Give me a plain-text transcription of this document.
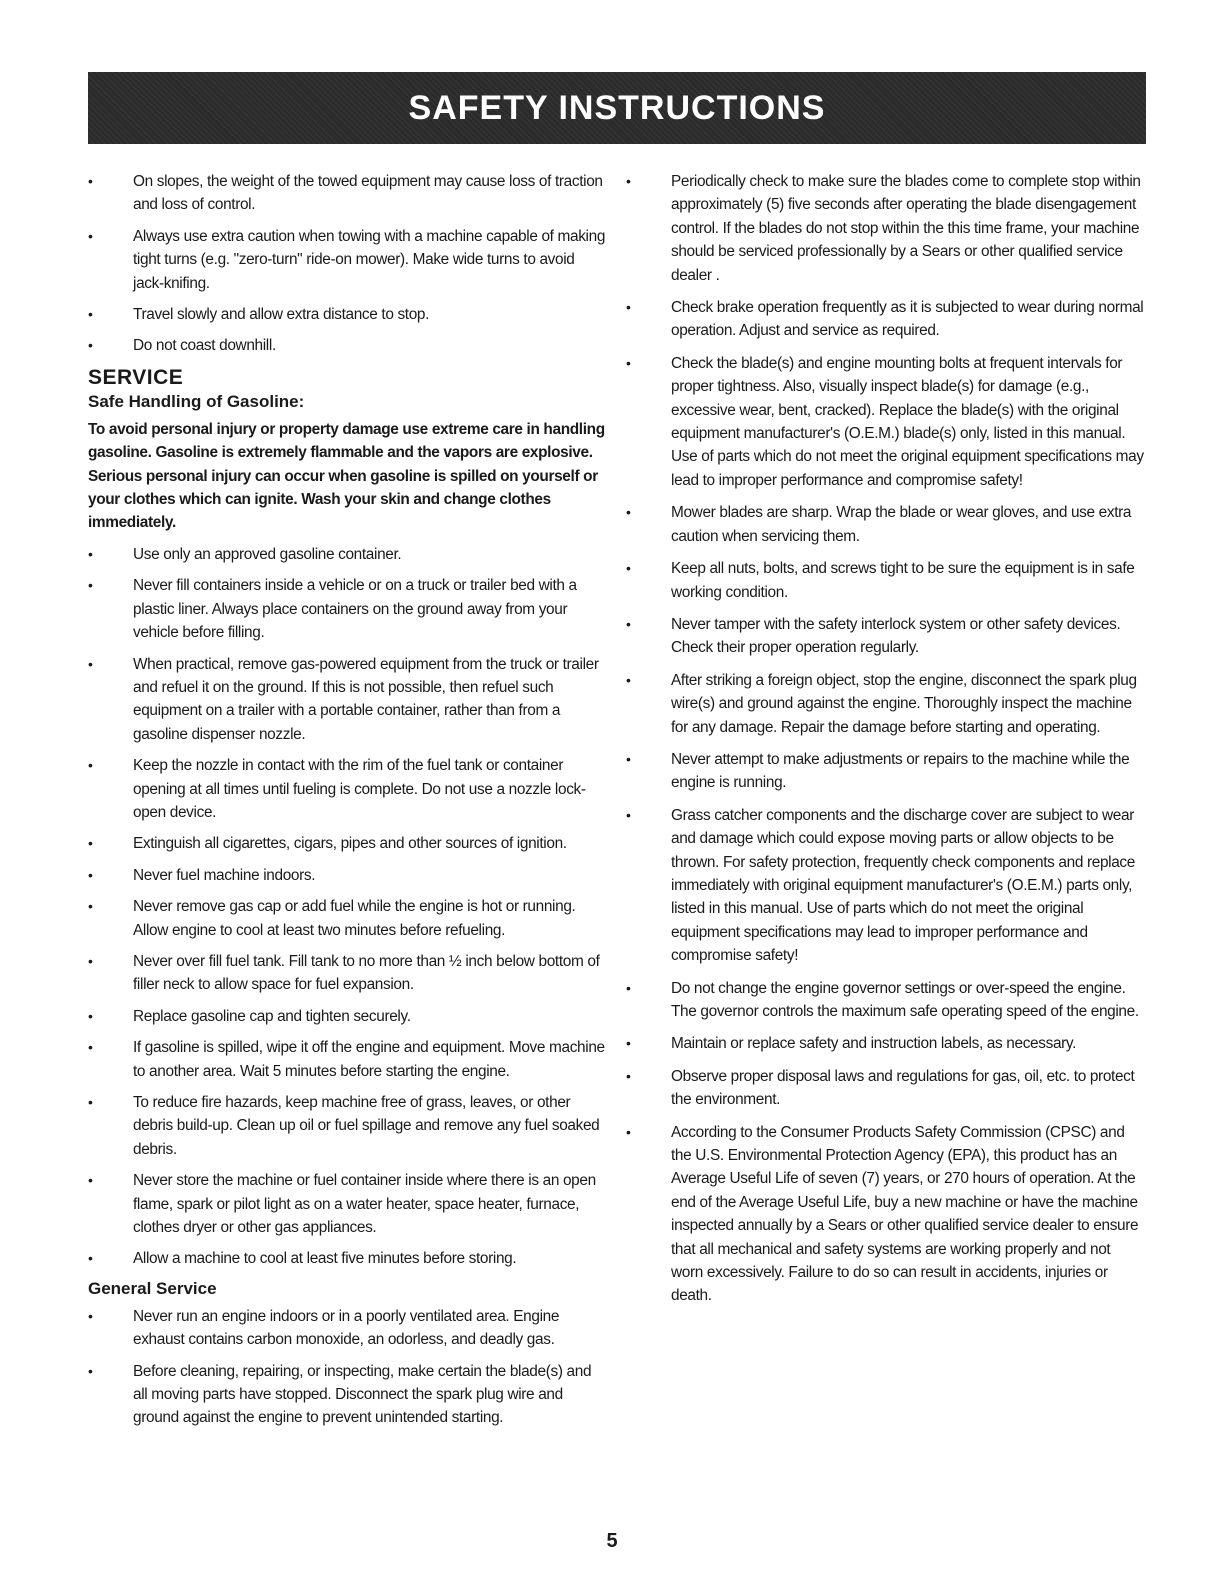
SAFETY INSTRUCTIONS
•	On slopes, the weight of the towed equipment may cause loss of traction and loss of control.
•	Always use extra caution when towing with a machine capable of making tight turns (e.g. "zero-turn" ride-on mower). Make wide turns to avoid jack-knifing.
•	Travel slowly and allow extra distance to stop.
•	Do not coast downhill.
SERVICE
Safe Handling of Gasoline:

To avoid personal injury or property damage use extreme care in handling gasoline. Gasoline is extremely flammable and the vapors are explosive. Serious personal injury can occur when gasoline is spilled on yourself or your clothes which can ignite. Wash your skin and change clothes immediately.

•	Use only an approved gasoline container.
•	Never fill containers inside a vehicle or on a truck or trailer bed with a plastic liner. Always place containers on the ground away from your vehicle before filling.
•	When practical, remove gas-powered equipment from the truck or trailer and refuel it on the ground. If this is not possible, then refuel such equipment on a trailer with a portable container, rather than from a gasoline dispenser nozzle.
•	Keep the nozzle in contact with the rim of the fuel tank or container opening at all times until fueling is complete. Do not use a nozzle lock-open device.
•	Extinguish all cigarettes, cigars, pipes and other sources of ignition.
•	Never fuel machine indoors.
•	Never remove gas cap or add fuel while the engine is hot or running. Allow engine to cool at least two minutes before refueling.
•	Never over fill fuel tank. Fill tank to no more than ½ inch below bottom of filler neck to allow space for fuel expansion.
•	Replace gasoline cap and tighten securely.
•	If gasoline is spilled, wipe it off the engine and equipment. Move machine to another area. Wait 5 minutes before starting the engine.
•	To reduce fire hazards, keep machine free of grass, leaves, or other debris build-up. Clean up oil or fuel spillage and remove any fuel soaked debris.
•	Never store the machine or fuel container inside where there is an open flame, spark or pilot light as on a water heater, space heater, furnace, clothes dryer or other gas appliances.
•	Allow a machine to cool at least five minutes before storing.
General Service
•	Never run an engine indoors or in a poorly ventilated area. Engine exhaust contains carbon monoxide, an odorless, and deadly gas.
•	Before cleaning, repairing, or inspecting, make certain the blade(s) and all moving parts have stopped. Disconnect the spark plug wire and ground against the engine to prevent unintended starting.
•	Periodically check to make sure the blades come to complete stop within approximately (5) five seconds after operating the blade disengagement control. If the blades do not stop within the this time frame, your machine should be serviced professionally by a Sears or other qualified service dealer .
•	Check brake operation frequently as it is subjected to wear during normal operation. Adjust and service as required.
•	Check the blade(s) and engine mounting bolts at frequent intervals for proper tightness. Also, visually inspect blade(s) for damage (e.g., excessive wear, bent, cracked). Replace the blade(s) with the original equipment manufacturer's (O.E.M.) blade(s) only, listed in this manual. Use of parts which do not meet the original equipment specifications may lead to improper performance and compromise safety!
•	Mower blades are sharp. Wrap the blade or wear gloves, and use extra caution when servicing them.
•	Keep all nuts, bolts, and screws tight to be sure the equipment is in safe working condition.
•	Never tamper with the safety interlock system or other safety devices. Check their proper operation regularly.
•	After striking a foreign object, stop the engine, disconnect the spark plug wire(s) and ground against the engine. Thoroughly inspect the machine for any damage. Repair the damage before starting and operating.
•	Never attempt to make adjustments or repairs to the machine while the engine is running.
•	Grass catcher components and the discharge cover are subject to wear and damage which could expose moving parts or allow objects to be thrown. For safety protection, frequently check components and replace immediately with original equipment manufacturer's (O.E.M.) parts only, listed in this manual. Use of parts which do not meet the original equipment specifications may lead to improper performance and compromise safety!
•	Do not change the engine governor settings or over-speed the engine. The governor controls the maximum safe operating speed of the engine.
•	Maintain or replace safety and instruction labels, as necessary.
•	Observe proper disposal laws and regulations for gas, oil, etc. to protect the environment.
•	According to the Consumer Products Safety Commission (CPSC) and the U.S. Environmental Protection Agency (EPA), this product has an Average Useful Life of seven (7) years, or 270 hours of operation. At the end of the Average Useful Life, buy a new machine or have the machine inspected annually by a Sears or other qualified service dealer to ensure that all mechanical and safety systems are working properly and not worn excessively. Failure to do so can result in accidents, injuries or death.
5
